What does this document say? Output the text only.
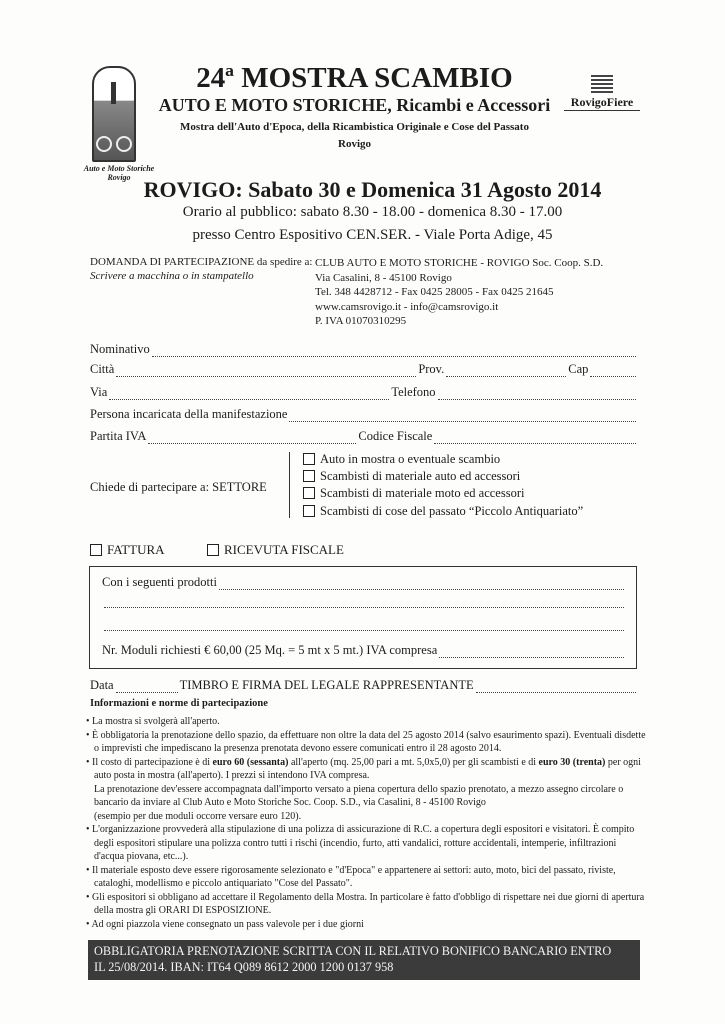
Auto e Moto Storiche Rovigo
24ª MOSTRA SCAMBIO
AUTO E MOTO STORICHE, Ricambi e Accessori
Mostra dell'Auto d'Epoca, della Ricambistica Originale e Cose del Passato
Rovigo
RovigoFiere
ROVIGO: Sabato 30 e Domenica 31 Agosto 2014
Orario al pubblico: sabato 8.30 - 18.00 - domenica 8.30 - 17.00
presso Centro Espositivo CEN.SER. - Viale Porta Adige, 45
DOMANDA DI PARTECIPAZIONE da spedire a:
Scrivere a macchina o in stampatello
CLUB AUTO E MOTO STORICHE - ROVIGO Soc. Coop. S.D.
Via Casalini, 8 - 45100 Rovigo
Tel. 348 4428712 - Fax 0425 28005 - Fax 0425 21645
www.camsrovigo.it - info@camsrovigo.it
P. IVA 01070310295
Nominativo
Città	Prov.	Cap
Via	Telefono
Persona incaricata della manifestazione
Partita IVA	Codice Fiscale
Chiede di partecipare a: SETTORE
Auto in mostra o eventuale scambio
Scambisti di materiale auto ed accessori
Scambisti di materiale moto ed accessori
Scambisti di cose del passato “Piccolo Antiquariato”
FATTURA	RICEVUTA FISCALE
Con i seguenti prodotti
Nr. Moduli richiesti € 60,00 (25 Mq. = 5 mt x 5 mt.) IVA compresa
Data	TIMBRO E FIRMA DEL LEGALE RAPPRESENTANTE
Informazioni e norme di partecipazione
• La mostra si svolgerà all'aperto.
• È obbligatoria la prenotazione dello spazio, da effettuare non oltre la data del 25 agosto 2014 (salvo esaurimento spazi). Eventuali disdette o imprevisti che impediscano la presenza prenotata devono essere comunicati entro il 28 agosto 2014.
• Il costo di partecipazione è di euro 60 (sessanta) all'aperto (mq. 25,00 pari a mt. 5,0x5,0) per gli scambisti e di euro 30 (trenta) per ogni auto posta in mostra (all'aperto). I prezzi si intendono IVA compresa.
La prenotazione dev'essere accompagnata dall'importo versato a piena copertura dello spazio prenotato, a mezzo assegno circolare o bancario da inviare al Club Auto e Moto Storiche Soc. Coop. S.D., via Casalini, 8 - 45100 Rovigo
(esempio per due moduli occorre versare euro 120).
• L'organizzazione provvederà alla stipulazione di una polizza di assicurazione di R.C. a copertura degli espositori e visitatori. È compito degli espositori stipulare una polizza contro tutti i rischi (incendio, furto, atti vandalici, rotture accidentali, intemperie, infiltrazioni d'acqua piovana, etc...).
• Il materiale esposto deve essere rigorosamente selezionato e "d'Epoca" e appartenere ai settori: auto, moto, bici del passato, riviste, cataloghi, modellismo e piccolo antiquariato "Cose del Passato".
• Gli espositori si obbligano ad accettare il Regolamento della Mostra. In particolare è fatto d'obbligo di rispettare nei due giorni di apertura della mostra gli ORARI DI ESPOSIZIONE.
• Ad ogni piazzola viene consegnato un pass valevole per i due giorni
OBBLIGATORIA PRENOTAZIONE SCRITTA CON IL RELATIVO BONIFICO BANCARIO ENTRO
IL 25/08/2014. IBAN: IT64 Q089 8612 2000 1200 0137 958
